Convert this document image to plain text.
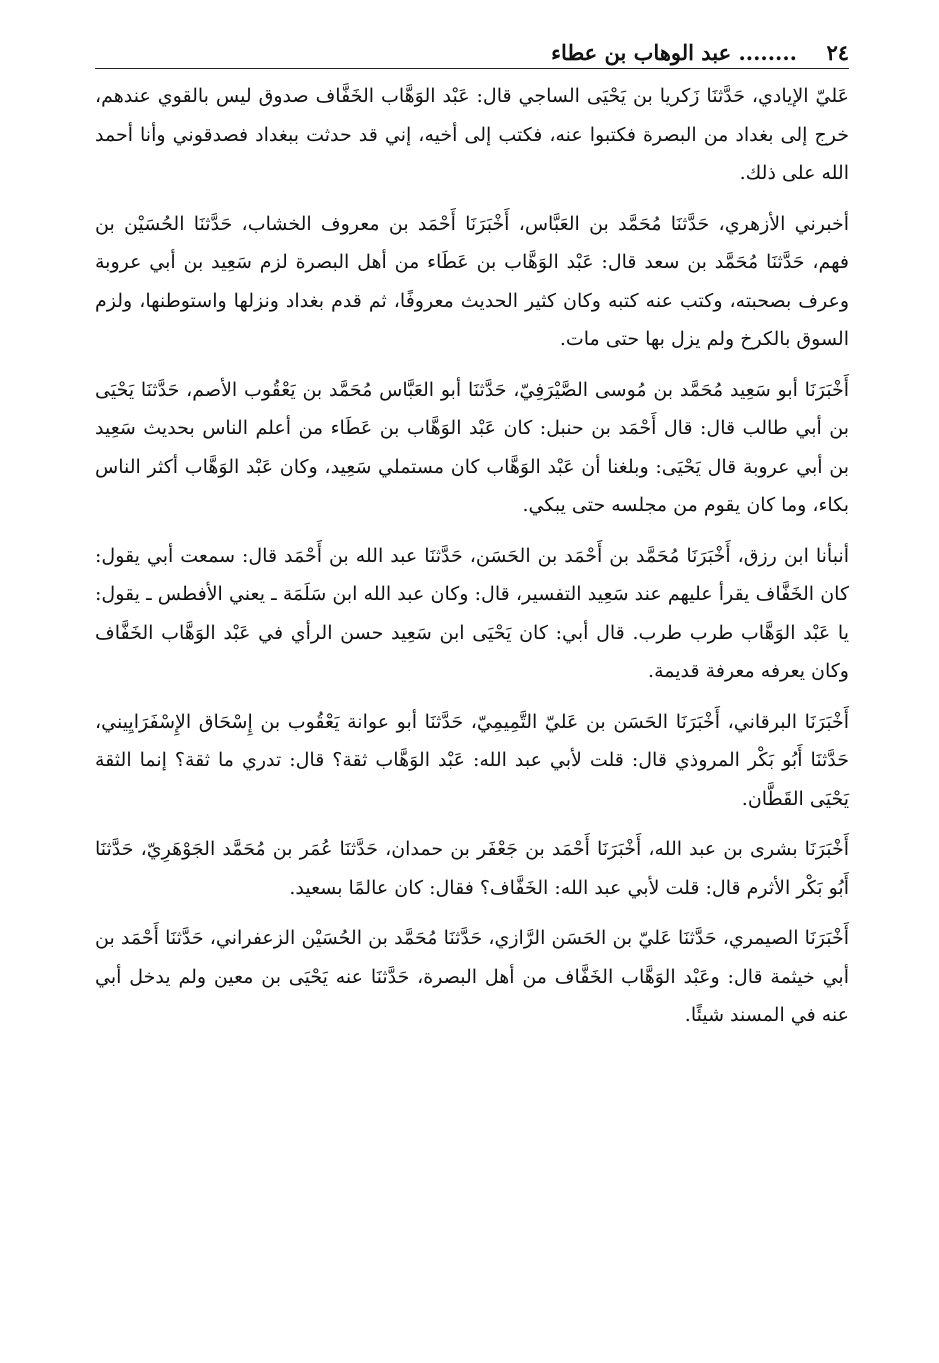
٢٤
........ عبد الوهاب بن عطاء

عَليّ الإيادي، حَدَّثنَا زَكريا بن يَحْيَى الساجي قال: عَبْد الوَهَّاب الخَفَّاف صدوق ليس بالقوي عندهم، خرج إلى بغداد من البصرة فكتبوا عنه، فكتب إلى أخيه، إني قد حدثت ببغداد فصدقوني وأنا أحمد الله على ذلك.

أخبرني الأزهري، حَدَّثنَا مُحَمَّد بن العَبَّاس، أَخْبَرَنَا أَحْمَد بن معروف الخشاب، حَدَّثنَا الحُسَيْن بن فهم، حَدَّثنَا مُحَمَّد بن سعد قال: عَبْد الوَهَّاب بن عَطَاء من أهل البصرة لزم سَعِيد بن أبي عروبة وعرف بصحبته، وكتب عنه كتبه وكان كثير الحديث معروفًا، ثم قدم بغداد ونزلها واستوطنها، ولزم السوق بالكرخ ولم يزل بها حتى مات.

أَخْبَرَنَا أبو سَعِيد مُحَمَّد بن مُوسى الصَّيْرَفِيّ، حَدَّثنَا أبو العَبَّاس مُحَمَّد بن يَعْقُوب الأصم، حَدَّثنَا يَحْيَى بن أبي طالب قال: قال أَحْمَد بن حنبل: كان عَبْد الوَهَّاب بن عَطَاء من أعلم الناس بحديث سَعِيد بن أبي عروبة قال يَحْيَى: وبلغنا أن عَبْد الوَهَّاب كان مستملي سَعِيد، وكان عَبْد الوَهَّاب أكثر الناس بكاء، وما كان يقوم من مجلسه حتى يبكي.

أنبأنا ابن رزق، أَخْبَرَنَا مُحَمَّد بن أَحْمَد بن الحَسَن، حَدَّثنَا عبد الله بن أَحْمَد قال: سمعت أبي يقول: كان الخَفَّاف يقرأ عليهم عند سَعِيد التفسير، قال: وكان عبد الله ابن سَلَمَة ـ يعني الأفطس ـ يقول: يا عَبْد الوَهَّاب طرب طرب. قال أبي: كان يَحْيَى ابن سَعِيد حسن الرأي في عَبْد الوَهَّاب الخَفَّاف وكان يعرفه معرفة قديمة.

أَخْبَرَنَا البرقاني، أَخْبَرَنَا الحَسَن بن عَليّ التَّمِيمِيّ، حَدَّثنَا أبو عوانة يَعْقُوب بن إِسْحَاق الإِسْفَرَايِيني، حَدَّثنَا أَبُو بَكْر المروذي قال: قلت لأبي عبد الله: عَبْد الوَهَّاب ثقة؟ قال: تدري ما ثقة؟ إنما الثقة يَحْيَى القَطَّان.

أَخْبَرَنَا بشرى بن عبد الله، أَخْبَرَنَا أَحْمَد بن جَعْفَر بن حمدان، حَدَّثنَا عُمَر بن مُحَمَّد الجَوْهَرِيّ، حَدَّثنَا أَبُو بَكْر الأثرم قال: قلت لأبي عبد الله: الخَفَّاف؟ فقال: كان عالمًا بسعيد.

أَخْبَرَنَا الصيمري، حَدَّثنَا عَليّ بن الحَسَن الرَّازي، حَدَّثنَا مُحَمَّد بن الحُسَيْن الزعفراني، حَدَّثنَا أَحْمَد بن أبي خيثمة قال: وعَبْد الوَهَّاب الخَفَّاف من أهل البصرة، حَدَّثنَا عنه يَحْيَى بن معين ولم يدخل أبي عنه في المسند شيئًا.
